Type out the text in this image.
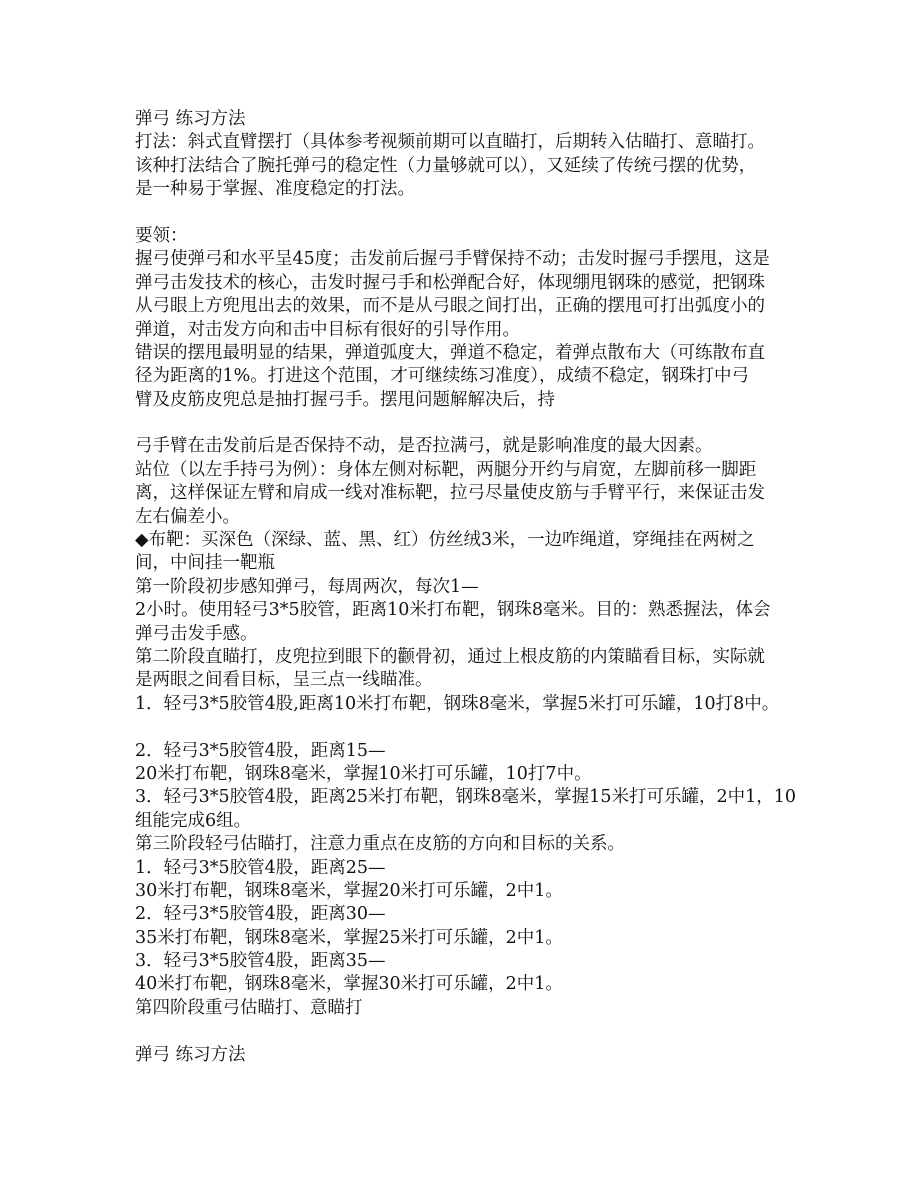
弹弓 练习方法
打法：斜式直臂摆打（具体参考视频前期可以直瞄打，后期转入估瞄打、意瞄打。
该种打法结合了腕托弹弓的稳定性（力量够就可以），又延续了传统弓摆的优势，
是一种易于掌握、准度稳定的打法。
要领：
握弓使弹弓和水平呈45度；击发前后握弓手臂保持不动；击发时握弓手摆甩，这是
弹弓击发技术的核心，击发时握弓手和松弹配合好，体现绷甩钢珠的感觉，把钢珠
从弓眼上方兜甩出去的效果，而不是从弓眼之间打出，正确的摆甩可打出弧度小的
弹道，对击发方向和击中目标有很好的引导作用。
错误的摆甩最明显的结果，弹道弧度大，弹道不稳定，着弹点散布大（可练散布直
径为距离的1%。打进这个范围，才可继续练习准度），成绩不稳定，钢珠打中弓
臂及皮筋皮兜总是抽打握弓手。摆甩问题解解决后，持
弓手臂在击发前后是否保持不动，是否拉满弓，就是影响准度的最大因素。
站位（以左手持弓为例）：身体左侧对标靶，两腿分开约与肩宽，左脚前移一脚距
离，这样保证左臂和肩成一线对准标靶，拉弓尽量使皮筋与手臂平行，来保证击发
左右偏差小。
◆布靶：买深色（深绿、蓝、黑、红）仿丝绒3米，一边咋绳道，穿绳挂在两树之
间，中间挂一靶瓶
第一阶段初步感知弹弓，每周两次，每次1—
2小时。使用轻弓3*5胶管，距离10米打布靶，钢珠8毫米。目的：熟悉握法，体会
弹弓击发手感。
第二阶段直瞄打，皮兜拉到眼下的颧骨初，通过上根皮筋的内策瞄看目标，实际就
是两眼之间看目标，呈三点一线瞄准。
1．轻弓3*5胶管4股,距离10米打布靶，钢珠8毫米，掌握5米打可乐罐，10打8中。
2．轻弓3*5胶管4股，距离15—
20米打布靶，钢珠8毫米，掌握10米打可乐罐，10打7中。
3．轻弓3*5胶管4股，距离25米打布靶，钢珠8毫米，掌握15米打可乐罐，2中1，10
组能完成6组。
第三阶段轻弓估瞄打，注意力重点在皮筋的方向和目标的关系。
1．轻弓3*5胶管4股，距离25—
30米打布靶，钢珠8毫米，掌握20米打可乐罐，2中1。
2．轻弓3*5胶管4股，距离30—
35米打布靶，钢珠8毫米，掌握25米打可乐罐，2中1。
3．轻弓3*5胶管4股，距离35—
40米打布靶，钢珠8毫米，掌握30米打可乐罐，2中1。
第四阶段重弓估瞄打、意瞄打
弹弓 练习方法
